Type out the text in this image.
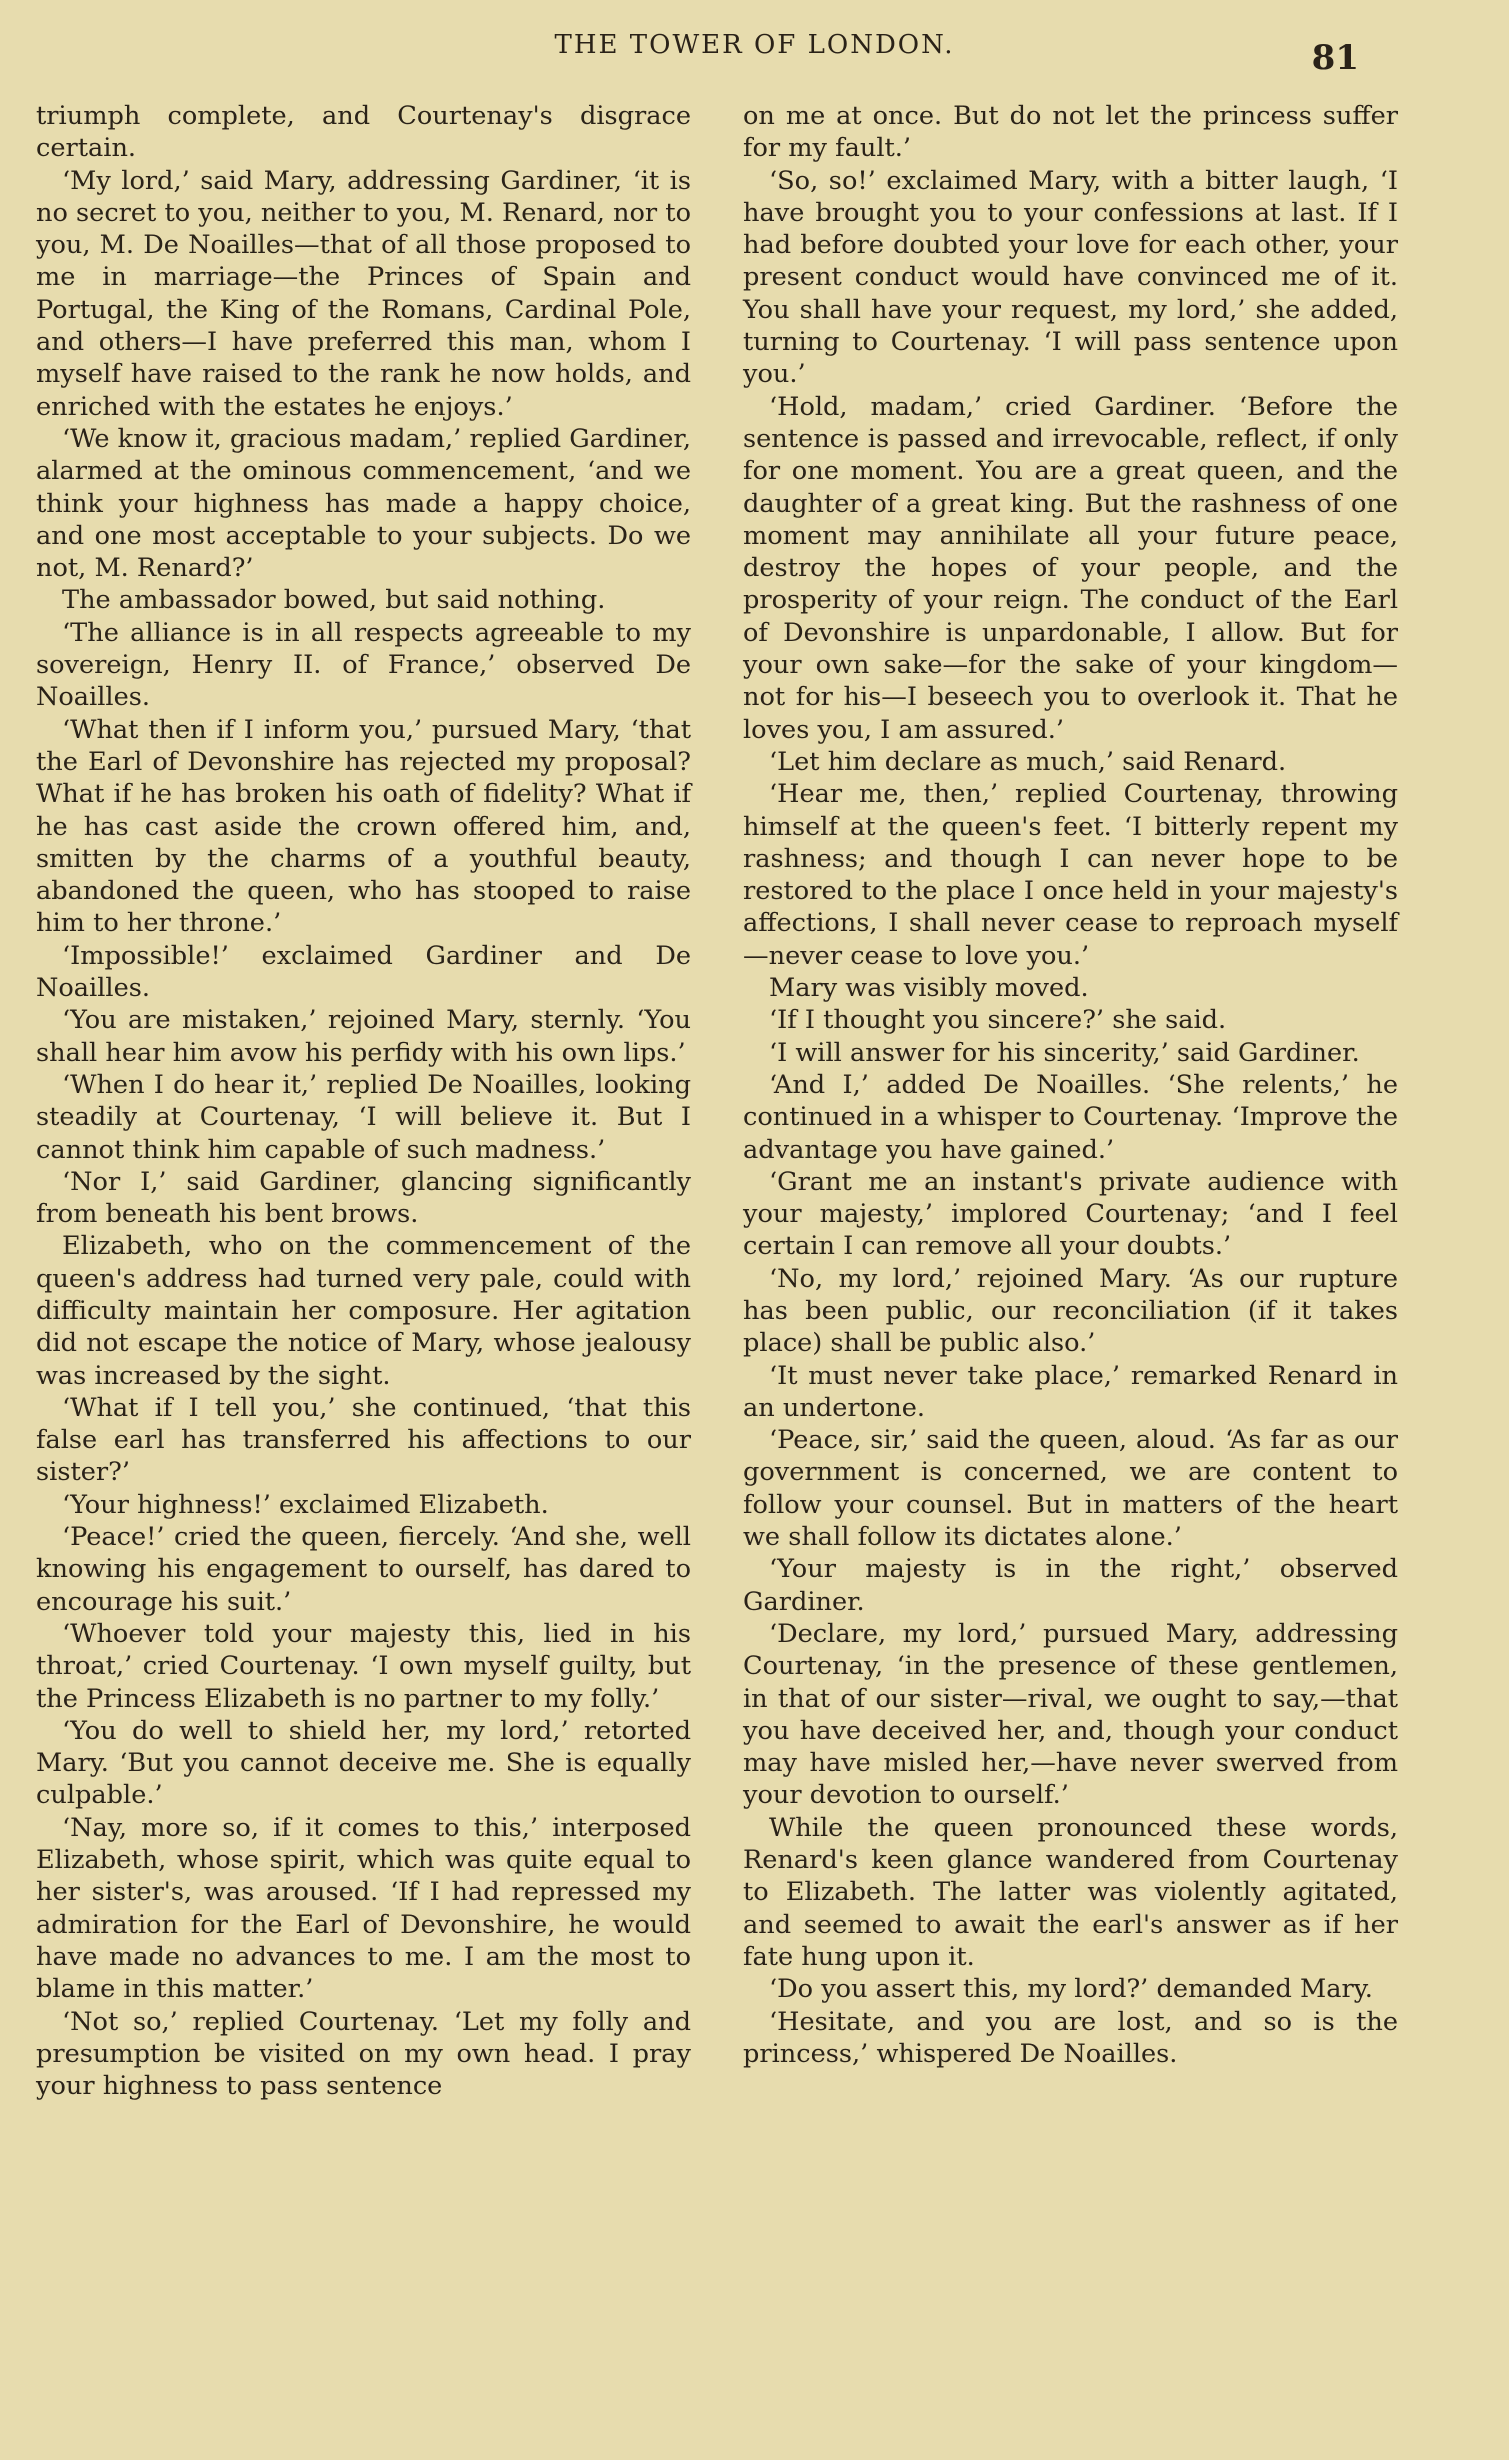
THE TOWER OF LONDON.	81

triumph complete, and Courtenay's disgrace certain.

‘My lord,’ said Mary, addressing Gardiner, ‘it is no secret to you, neither to you, M. Renard, nor to you, M. De Noailles—that of all those proposed to me in marriage—the Princes of Spain and Portugal, the King of the Romans, Cardinal Pole, and others—I have preferred this man, whom I myself have raised to the rank he now holds, and enriched with the estates he enjoys.’

‘We know it, gracious madam,’ replied Gardiner, alarmed at the ominous commencement, ‘and we think your highness has made a happy choice, and one most acceptable to your subjects. Do we not, M. Renard?’

The ambassador bowed, but said nothing.

‘The alliance is in all respects agreeable to my sovereign, Henry II. of France,’ observed De Noailles.

‘What then if I inform you,’ pursued Mary, ‘that the Earl of Devonshire has rejected my proposal? What if he has broken his oath of fidelity? What if he has cast aside the crown offered him, and, smitten by the charms of a youthful beauty, abandoned the queen, who has stooped to raise him to her throne.’

‘Impossible!’ exclaimed Gardiner and De Noailles.

‘You are mistaken,’ rejoined Mary, sternly. ‘You shall hear him avow his perfidy with his own lips.’

‘When I do hear it,’ replied De Noailles, looking steadily at Courtenay, ‘I will believe it. But I cannot think him capable of such madness.’

‘Nor I,’ said Gardiner, glancing significantly from beneath his bent brows.

Elizabeth, who on the commencement of the queen's address had turned very pale, could with difficulty maintain her composure. Her agitation did not escape the notice of Mary, whose jealousy was increased by the sight.

‘What if I tell you,’ she continued, ‘that this false earl has transferred his affections to our sister?’

‘Your highness!’ exclaimed Elizabeth.

‘Peace!’ cried the queen, fiercely. ‘And she, well knowing his engagement to ourself, has dared to encourage his suit.’

‘Whoever told your majesty this, lied in his throat,’ cried Courtenay. ‘I own myself guilty, but the Princess Elizabeth is no partner to my folly.’

‘You do well to shield her, my lord,’ retorted Mary. ‘But you cannot deceive me. She is equally culpable.’

‘Nay, more so, if it comes to this,’ interposed Elizabeth, whose spirit, which was quite equal to her sister's, was aroused. ‘If I had repressed my admiration for the Earl of Devonshire, he would have made no advances to me. I am the most to blame in this matter.’

‘Not so,’ replied Courtenay. ‘Let my folly and presumption be visited on my own head. I pray your highness to pass sentence

on me at once. But do not let the princess suffer for my fault.’

‘So, so!’ exclaimed Mary, with a bitter laugh, ‘I have brought you to your confessions at last. If I had before doubted your love for each other, your present conduct would have convinced me of it. You shall have your request, my lord,’ she added, turning to Courtenay. ‘I will pass sentence upon you.’

‘Hold, madam,’ cried Gardiner. ‘Before the sentence is passed and irrevocable, reflect, if only for one moment. You are a great queen, and the daughter of a great king. But the rashness of one moment may annihilate all your future peace, destroy the hopes of your people, and the prosperity of your reign. The conduct of the Earl of Devonshire is unpardonable, I allow. But for your own sake—for the sake of your kingdom—not for his—I beseech you to overlook it. That he loves you, I am assured.’

‘Let him declare as much,’ said Renard.

‘Hear me, then,’ replied Courtenay, throwing himself at the queen's feet. ‘I bitterly repent my rashness; and though I can never hope to be restored to the place I once held in your majesty's affections, I shall never cease to reproach myself—never cease to love you.’

Mary was visibly moved.

‘If I thought you sincere?’ she said.

‘I will answer for his sincerity,’ said Gardiner.

‘And I,’ added De Noailles. ‘She relents,’ he continued in a whisper to Courtenay. ‘Improve the advantage you have gained.’

‘Grant me an instant's private audience with your majesty,’ implored Courtenay; ‘and I feel certain I can remove all your doubts.’

‘No, my lord,’ rejoined Mary. ‘As our rupture has been public, our reconciliation (if it takes place) shall be public also.’

‘It must never take place,’ remarked Renard in an undertone.

‘Peace, sir,’ said the queen, aloud. ‘As far as our government is concerned, we are content to follow your counsel. But in matters of the heart we shall follow its dictates alone.’

‘Your majesty is in the right,’ observed Gardiner.

‘Declare, my lord,’ pursued Mary, addressing Courtenay, ‘in the presence of these gentlemen, in that of our sister—rival, we ought to say,—that you have deceived her, and, though your conduct may have misled her,—have never swerved from your devotion to ourself.’

While the queen pronounced these words, Renard's keen glance wandered from Courtenay to Elizabeth. The latter was violently agitated, and seemed to await the earl's answer as if her fate hung upon it.

‘Do you assert this, my lord?’ demanded Mary.

‘Hesitate, and you are lost, and so is the princess,’ whispered De Noailles.
